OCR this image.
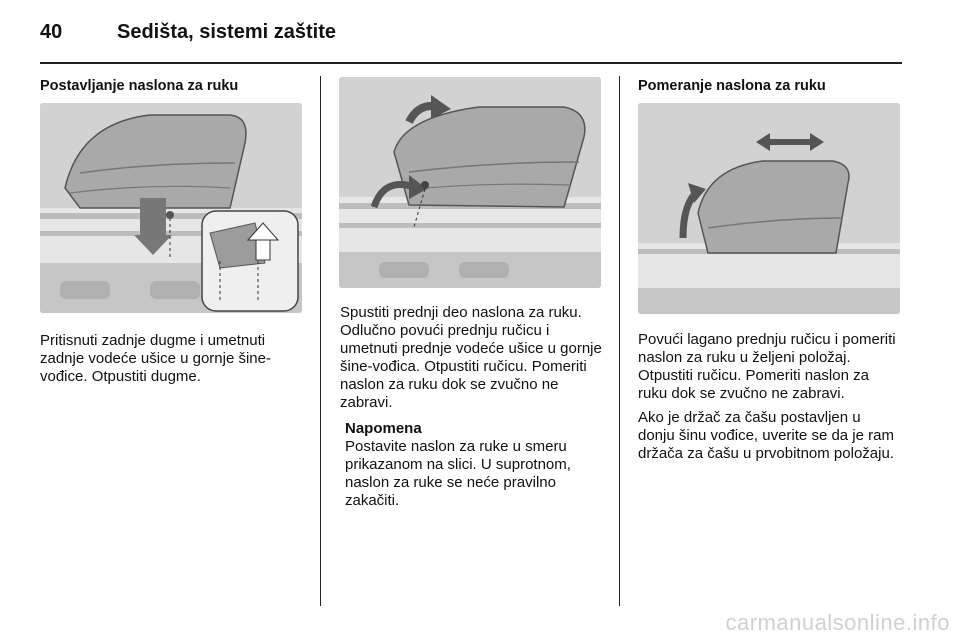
40	Sedišta, sistemi zaštite
Postavljanje naslona za ruku

Pritisnuti zadnje dugme i umetnuti zadnje vodeće ušice u gornje šine-vođice. Otpustiti dugme.

Spustiti prednji deo naslona za ruku. Odlučno povući prednju ručicu i umetnuti prednje vodeće ušice u gornje šine-vođica. Otpustiti ručicu. Pomeriti naslon za ruku dok se zvučno ne zabravi.

Napomena

Postavite naslon za ruke u smeru prikazanom na slici. U suprotnom, naslon za ruke se neće pravilno zakačiti.

Pomeranje naslona za ruku

Povući lagano prednju ručicu i pomeriti naslon za ruku u željeni položaj. Otpustiti ručicu. Pomeriti naslon za ruku dok se zvučno ne zabravi.

Ako je držač za čašu postavljen u donju šinu vođice, uverite se da je ram držača za čašu u prvobitnom položaju.

carmanualsonline.info
